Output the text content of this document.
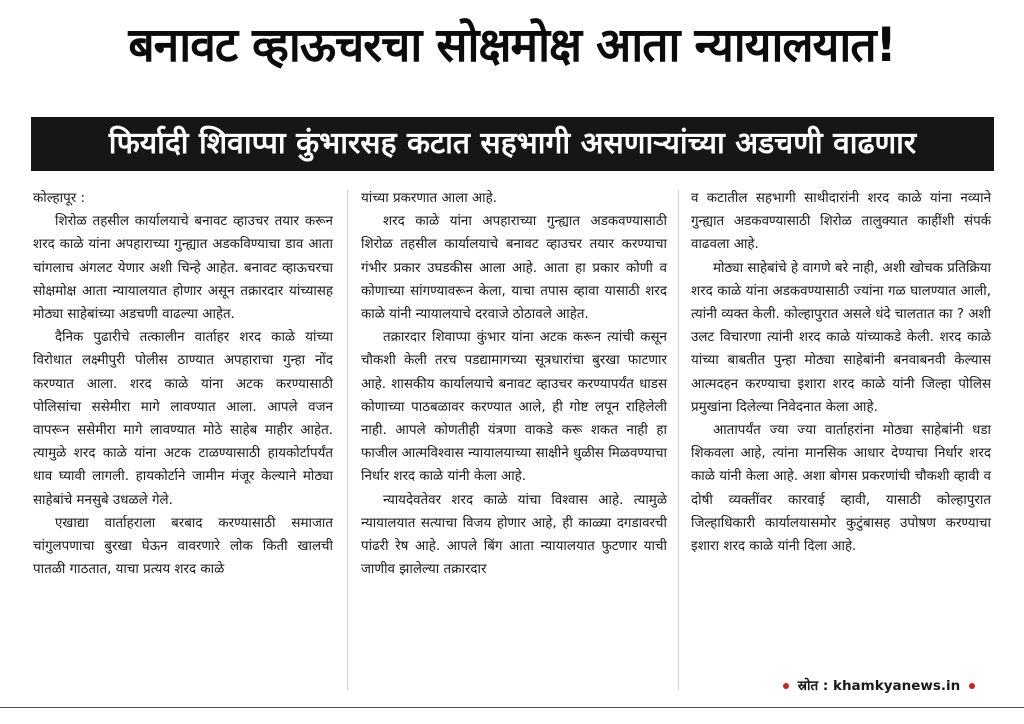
बनावट व्हाऊचरचा सोक्षमोक्ष आता न्यायालयात!
फिर्यादी शिवाप्पा कुंभारसह कटात सहभागी असणाऱ्यांच्या अडचणी वाढणार

कोल्हापूर :

शिरोळ तहसील कार्यालयाचे बनावट व्हाउचर तयार करून शरद काळे यांना अपहाराच्या गुन्ह्यात अडकविण्याचा डाव आता चांगलाच अंगलट येणार अशी चिन्हे आहेत. बनावट व्हाऊचरचा सोक्षमोक्ष आता न्यायालयात होणार असून तक्रारदार यांच्यासह मोठ्या साहेबांच्या अडचणी वाढल्या आहेत.

दैनिक पुढारीचे तत्कालीन वार्ताहर शरद काळे यांच्या विरोधात लक्ष्मीपुरी पोलीस ठाण्यात अपहाराचा गुन्हा नोंद करण्यात आला. शरद काळे यांना अटक करण्यासाठी पोलिसांचा ससेमीरा मागे लावण्यात आला. आपले वजन वापरून ससेमीरा मागे लावण्यात मोठे साहेब माहीर आहेत. त्यामुळे शरद काळे यांना अटक टाळण्यासाठी हायकोर्टापर्यंत धाव घ्यावी लागली. हायकोर्टाने जामीन मंजूर केल्याने मोठ्या साहेबांचे मनसुबे उधळले गेले.

एखाद्या वार्ताहराला बरबाद करण्यासाठी समाजात चांगुलपणाचा बुरखा घेऊन वावरणारे लोक किती खालची पातळी गाठतात, याचा प्रत्यय शरद काळे

यांच्या प्रकरणात आला आहे.

शरद काळे यांना अपहाराच्या गुन्ह्यात अडकवण्यासाठी शिरोळ तहसील कार्यालयाचे बनावट व्हाउचर तयार करण्याचा गंभीर प्रकार उघडकीस आला आहे. आता हा प्रकार कोणी व कोणाच्या सांगण्यावरून केला, याचा तपास व्हावा यासाठी शरद काळे यांनी न्यायालयाचे दरवाजे ठोठावले आहेत.

तक्रारदार शिवाप्पा कुंभार यांना अटक करून त्यांची कसून चौकशी केली तरच पडद्यामागच्या सूत्रधारांचा बुरखा फाटणार आहे. शासकीय कार्यालयाचे बनावट व्हाउचर करण्यापर्यंत धाडस कोणाच्या पाठबळावर करण्यात आले, ही गोष्ट लपून राहिलेली नाही. आपले कोणतीही यंत्रणा वाकडे करू शकत नाही हा फाजील आत्मविश्वास न्यायालयाच्या साक्षीने धुळीस मिळवण्याचा निर्धार शरद काळे यांनी केला आहे.

न्यायदेवतेवर शरद काळे यांचा विश्वास आहे. त्यामुळे न्यायालयात सत्याचा विजय होणार आहे, ही काळ्या दगडावरची पांढरी रेष आहे. आपले बिंग आता न्यायालयात फुटणार याची जाणीव झालेल्या तक्रारदार

व कटातील सहभागी साथीदारांनी शरद काळे यांना नव्याने गुन्ह्यात अडकवण्यासाठी शिरोळ तालुक्यात काहींशी संपर्क वाढवला आहे.

मोठ्या साहेबांचे हे वागणे बरे नाही, अशी खोचक प्रतिक्रिया शरद काळे यांना अडकवण्यासाठी ज्यांना गळ घालण्यात आली, त्यांनी व्यक्त केली. कोल्हापुरात असले धंदे चालतात का ? अशी उलट विचारणा त्यांनी शरद काळे यांच्याकडे केली. शरद काळे यांच्या बाबतीत पुन्हा मोठ्या साहेबांनी बनवाबनवी केल्यास आत्मदहन करण्याचा इशारा शरद काळे यांनी जिल्हा पोलिस प्रमुखांना दिलेल्या निवेदनात केला आहे.

आतापर्यंत ज्या ज्या वार्ताहरांना मोठ्या साहेबांनी धडा शिकवला आहे, त्यांना मानसिक आधार देण्याचा निर्धार शरद काळे यांनी केला आहे. अशा बोगस प्रकरणांची चौकशी व्हावी व दोषी व्यक्तींवर कारवाई व्हावी, यासाठी कोल्हापुरात जिल्हाधिकारी कार्यालयासमोर कुटुंबासह उपोषण करण्याचा इशारा शरद काळे यांनी दिला आहे.

स्रोत : khamkyanews.in
